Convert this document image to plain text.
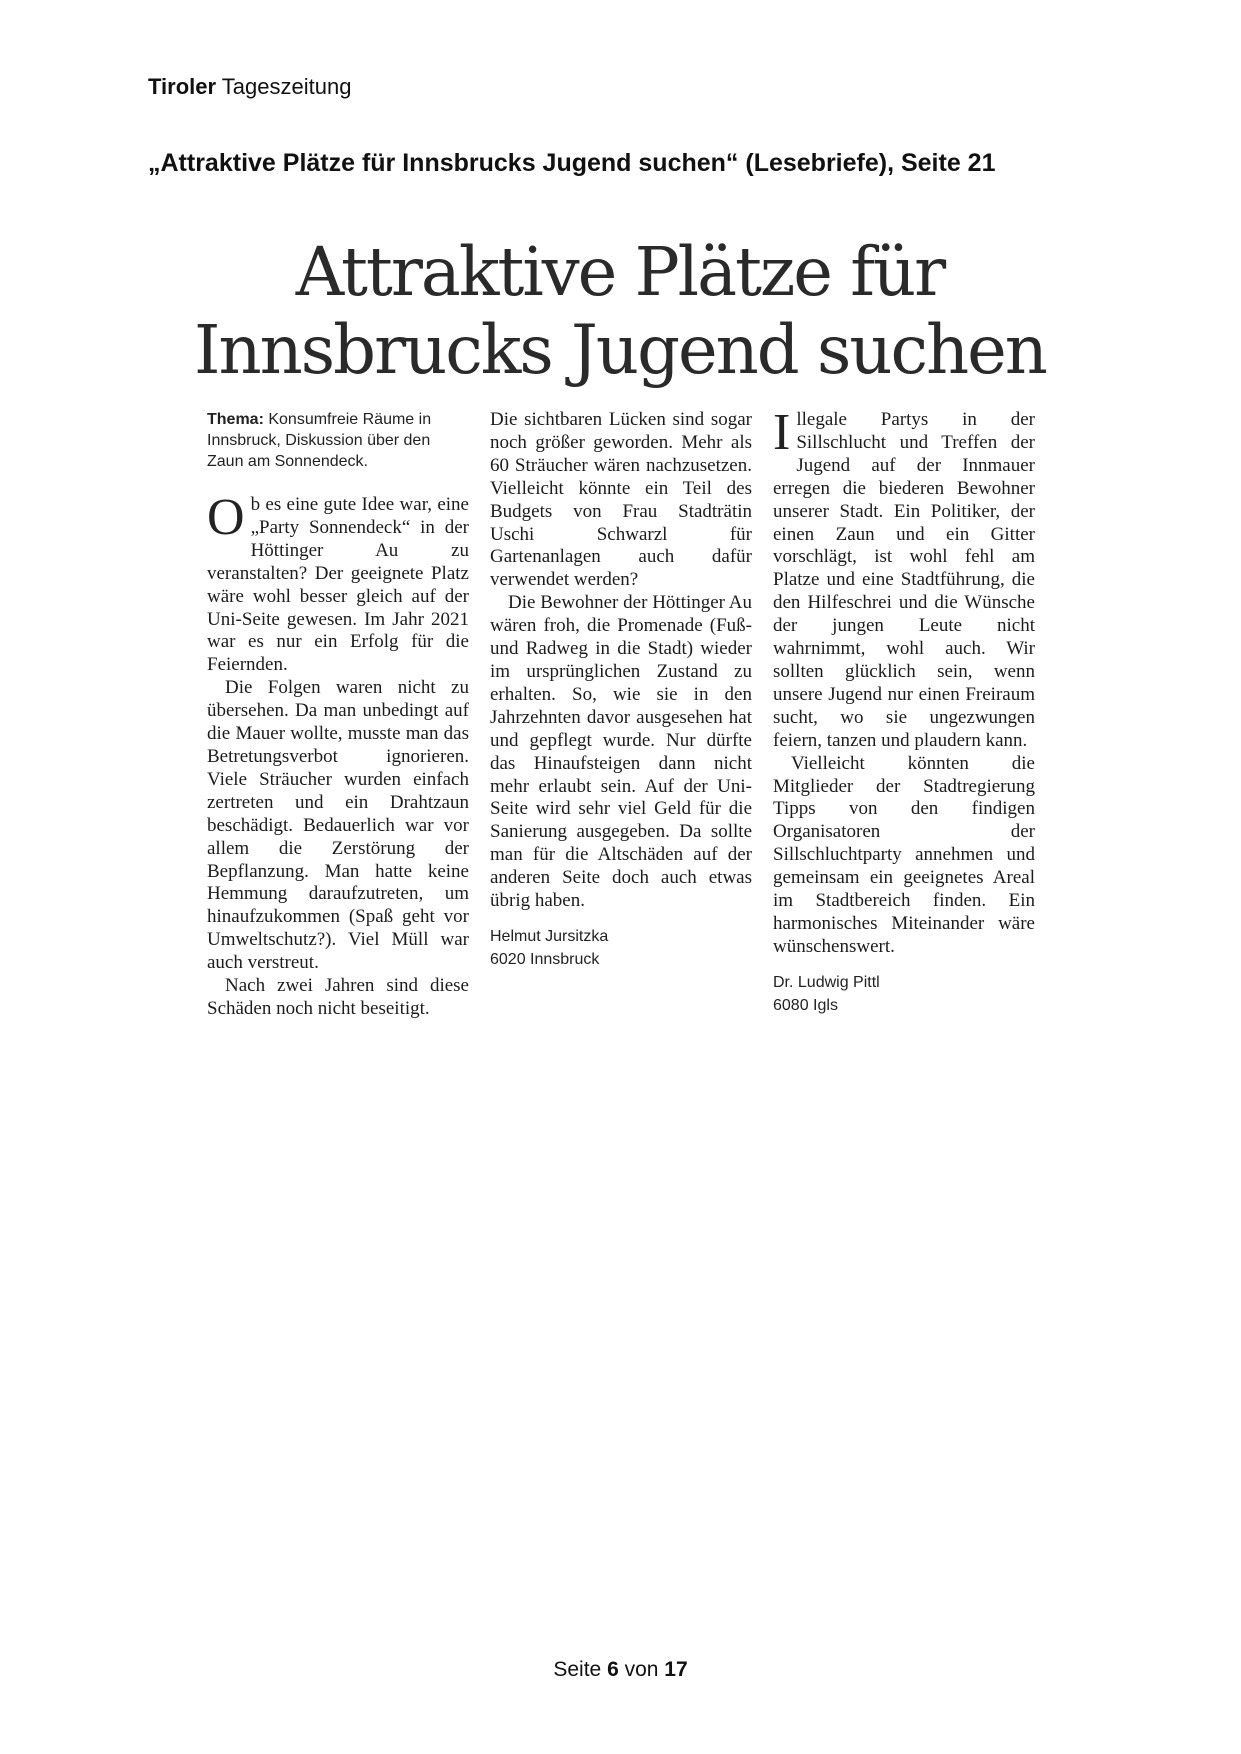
Tiroler Tageszeitung
„Attraktive Plätze für Innsbrucks Jugend suchen“ (Lesebriefe), Seite 21
Attraktive Plätze für
Innsbrucks Jugend suchen
Thema: Konsumfreie Räume in Innsbruck, Diskussion über den Zaun am Sonnendeck.

Ob es eine gute Idee war, eine „Party Sonnendeck“ in der Höttinger Au zu veranstalten? Der geeignete Platz wäre wohl besser gleich auf der Uni-Seite gewesen. Im Jahr 2021 war es nur ein Erfolg für die Feiernden.

Die Folgen waren nicht zu übersehen. Da man unbedingt auf die Mauer wollte, musste man das Betretungsverbot ignorieren. Viele Sträucher wurden einfach zertreten und ein Drahtzaun beschädigt. Bedauerlich war vor allem die Zerstörung der Bepflanzung. Man hatte keine Hemmung daraufzutreten, um hinaufzukommen (Spaß geht vor Umweltschutz?). Viel Müll war auch verstreut.

Nach zwei Jahren sind diese Schäden noch nicht beseitigt.

Die sichtbaren Lücken sind sogar noch größer geworden. Mehr als 60 Sträucher wären nachzusetzen. Vielleicht könnte ein Teil des Budgets von Frau Stadträtin Uschi Schwarzl für Gartenanlagen auch dafür verwendet werden?

Die Bewohner der Höttinger Au wären froh, die Promenade (Fuß- und Radweg in die Stadt) wieder im ursprünglichen Zustand zu erhalten. So, wie sie in den Jahrzehnten davor ausgesehen hat und gepflegt wurde. Nur dürfte das Hinaufsteigen dann nicht mehr erlaubt sein. Auf der Uni-Seite wird sehr viel Geld für die Sanierung ausgegeben. Da sollte man für die Altschäden auf der anderen Seite doch auch etwas übrig haben.

Helmut Jursitzka
6020 Innsbruck

Illegale Partys in der Sillschlucht und Treffen der Jugend auf der Innmauer erregen die biederen Bewohner unserer Stadt. Ein Politiker, der einen Zaun und ein Gitter vorschlägt, ist wohl fehl am Platze und eine Stadtführung, die den Hilfeschrei und die Wünsche der jungen Leute nicht wahrnimmt, wohl auch. Wir sollten glücklich sein, wenn unsere Jugend nur einen Freiraum sucht, wo sie ungezwungen feiern, tanzen und plaudern kann.

Vielleicht könnten die Mitglieder der Stadtregierung Tipps von den findigen Organisatoren der Sillschluchtparty annehmen und gemeinsam ein geeignetes Areal im Stadtbereich finden. Ein harmonisches Miteinander wäre wünschenswert.

Dr. Ludwig Pittl
6080 Igls
Seite 6 von 17
